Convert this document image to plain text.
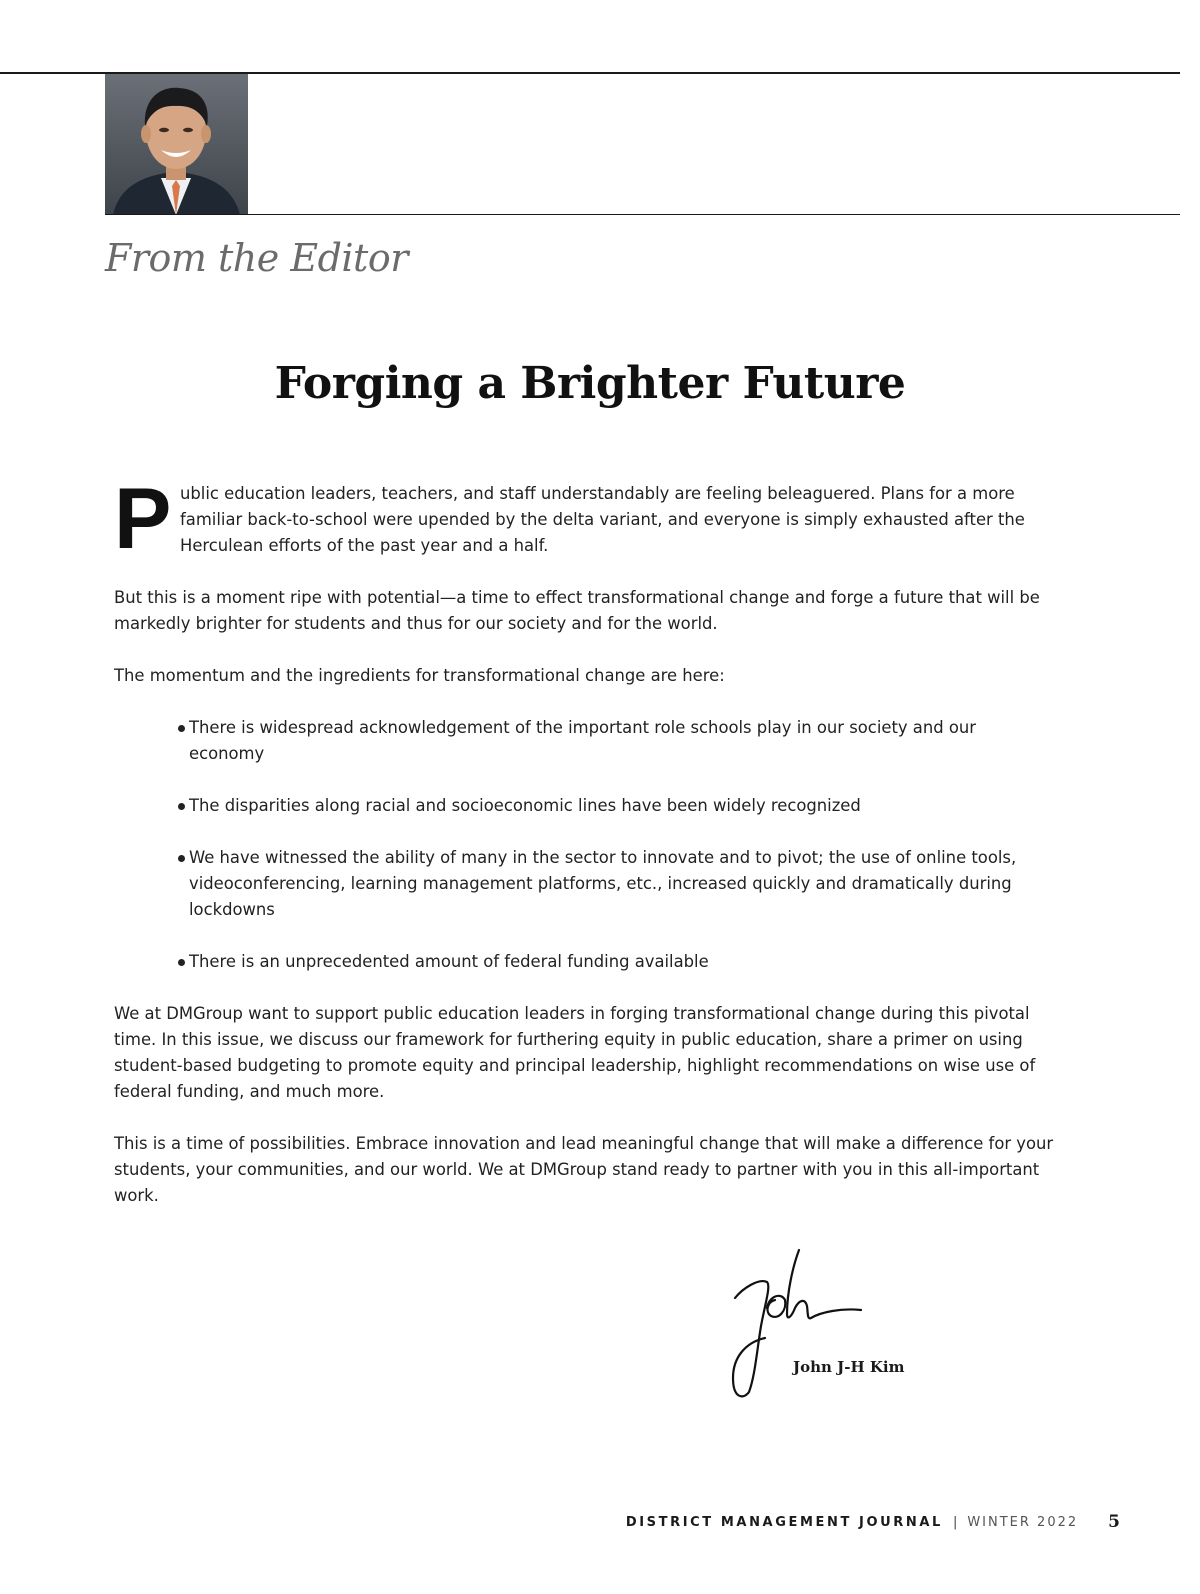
From the Editor
Forging a Brighter Future

P ublic education leaders, teachers, and staff understandably are feeling beleaguered. Plans for a more familiar back-to-school were upended by the delta variant, and everyone is simply exhausted after the Herculean efforts of the past year and a half.

But this is a moment ripe with potential—a time to effect transformational change and forge a future that will be markedly brighter for students and thus for our society and for the world.

The momentum and the ingredients for transformational change are here:

There is widespread acknowledgement of the important role schools play in our society and our economy
The disparities along racial and socioeconomic lines have been widely recognized
We have witnessed the ability of many in the sector to innovate and to pivot; the use of online tools, videoconferencing, learning management platforms, etc., increased quickly and dramatically during lockdowns
There is an unprecedented amount of federal funding available

We at DMGroup want to support public education leaders in forging transformational change during this pivotal time. In this issue, we discuss our framework for furthering equity in public education, share a primer on using student-based budgeting to promote equity and principal leadership, highlight recommendations on wise use of federal funding, and much more.

This is a time of possibilities. Embrace innovation and lead meaningful change that will make a difference for your students, your communities, and our world. We at DMGroup stand ready to partner with you in this all-important work.

John J-H Kim
DISTRICT MANAGEMENT JOURNAL | WINTER 2022 5
